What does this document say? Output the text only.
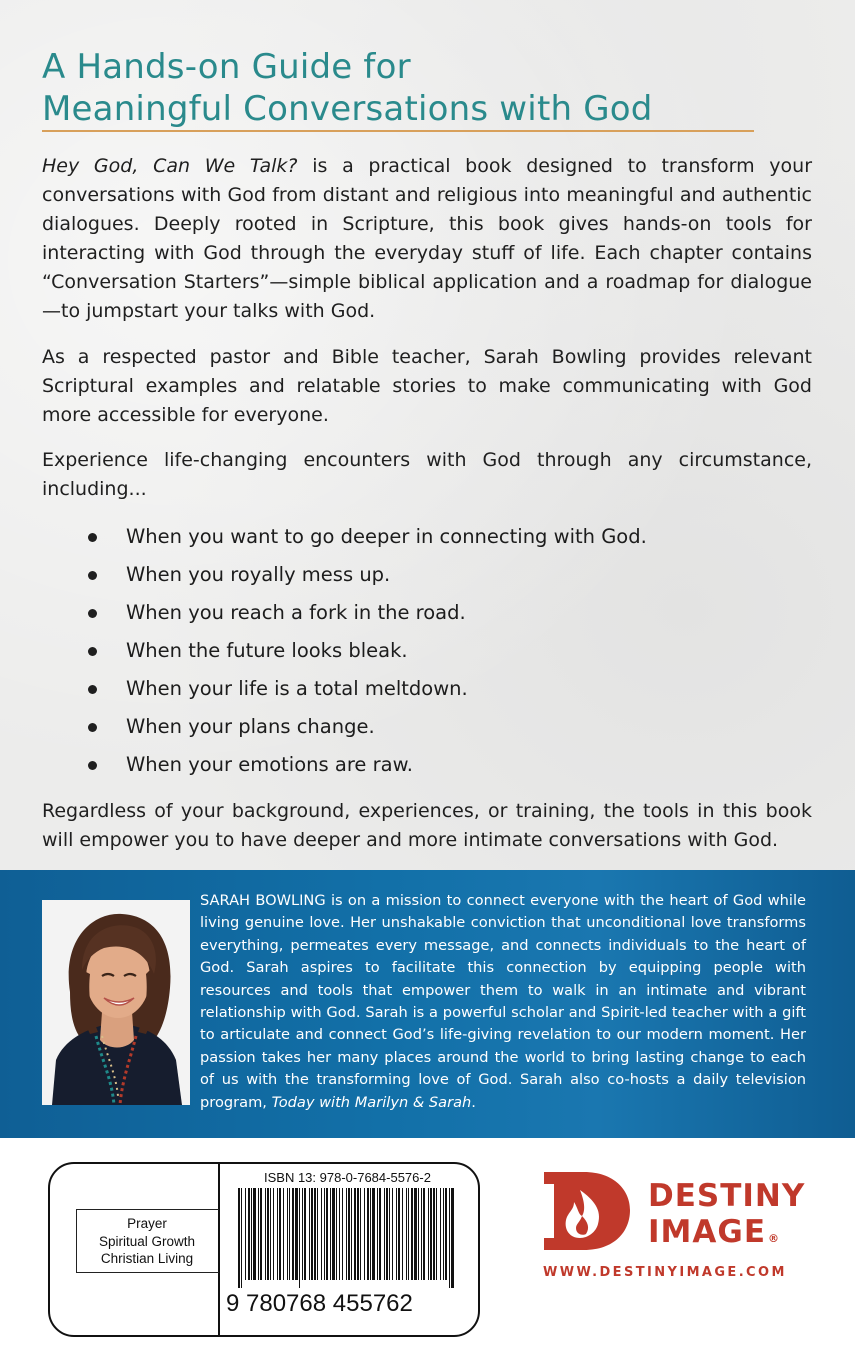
A Hands-on Guide for
Meaningful Conversations with God
Hey God, Can We Talk? is a practical book designed to transform your conversations with God from distant and religious into meaningful and authentic dialogues. Deeply rooted in Scripture, this book gives hands-on tools for interacting with God through the everyday stuff of life. Each chapter contains “Conversation Starters”—simple biblical application and a roadmap for dialogue—to jumpstart your talks with God.
As a respected pastor and Bible teacher, Sarah Bowling provides relevant Scriptural examples and relatable stories to make communicating with God more accessible for everyone.
Experience life-changing encounters with God through any circumstance, including...
When you want to go deeper in connecting with God.
When you royally mess up.
When you reach a fork in the road.
When the future looks bleak.
When your life is a total meltdown.
When your plans change.
When your emotions are raw.
Regardless of your background, experiences, or training, the tools in this book will empower you to have deeper and more intimate conversations with God.
SARAH BOWLING is on a mission to connect everyone with the heart of God while living genuine love. Her unshakable conviction that unconditional love transforms everything, permeates every message, and connects individuals to the heart of God. Sarah aspires to facilitate this connection by equipping people with resources and tools that empower them to walk in an intimate and vibrant relationship with God. Sarah is a powerful scholar and Spirit-led teacher with a gift to articulate and connect God’s life-giving revelation to our modern moment. Her passion takes her many places around the world to bring lasting change to each of us with the transforming love of God. Sarah also co-hosts a daily television program, Today with Marilyn & Sarah.
Prayer
Spiritual Growth
Christian Living
ISBN 13: 978-0-7684-5576-2
9 780768 455762
DESTINY
IMAGE ®
WWW.DESTINYIMAGE.COM
